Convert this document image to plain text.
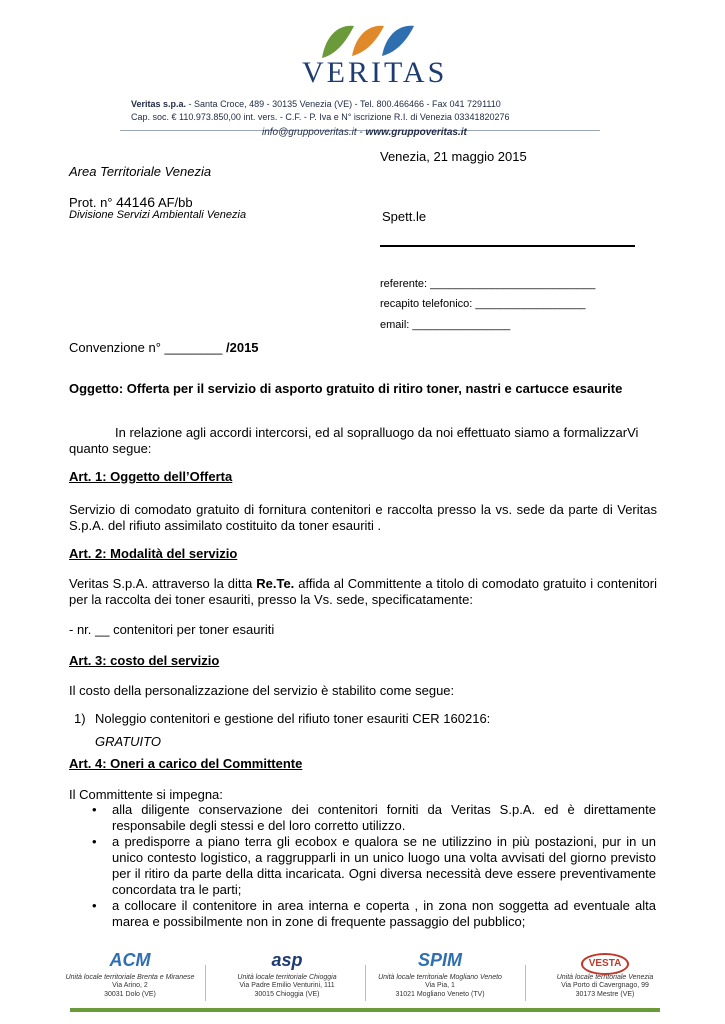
VERITAS
Veritas s.p.a. - Santa Croce, 489 - 30135 Venezia (VE) - Tel. 800.466466 - Fax 041 7291110
Cap. soc. € 110.973.850,00 int. vers. - C.F. - P. Iva e N° iscrizione R.I. di Venezia 03341820276
info@gruppoveritas.it - www.gruppoveritas.it
Venezia, 21 maggio 2015
Area Territoriale Venezia
Prot. n° 44146 AF/bb
Divisione Servizi Ambientali Venezia	Spett.le
referente: ___________________________
recapito telefonico: __________________
email: ________________
Convenzione n° ________ /2015
Oggetto: Offerta per il servizio di asporto gratuito di ritiro toner, nastri e cartucce esaurite
In relazione agli accordi intercorsi, ed al sopralluogo da noi effettuato siamo a formalizzarVi quanto segue:
Art. 1: Oggetto dell’Offerta
Servizio di comodato gratuito di fornitura contenitori e raccolta presso la vs. sede da parte di Veritas S.p.A. del rifiuto assimilato costituito da toner esauriti .
Art. 2: Modalità del servizio
Veritas S.p.A. attraverso la ditta Re.Te. affida al Committente a titolo di comodato gratuito i contenitori per la raccolta dei toner esauriti, presso la Vs. sede, specificatamente:
- nr. __ contenitori per toner esauriti
Art. 3: costo del servizio
Il costo della personalizzazione del servizio è stabilito come segue:
1) Noleggio contenitori e gestione del rifiuto toner esauriti CER 160216:
GRATUITO
Art. 4: Oneri a carico del Committente
Il Committente si impegna:
• alla diligente conservazione dei contenitori forniti da Veritas S.p.A. ed è direttamente responsabile degli stessi e del loro corretto utilizzo.
• a predisporre a piano terra gli ecobox e qualora se ne utilizzino in più postazioni, pur in un unico contesto logistico, a raggrupparli in un unico luogo una volta avvisati del giorno previsto per il ritiro da parte della ditta incaricata. Ogni diversa necessità deve essere preventivamente concordata tra le parti;
• a collocare il contenitore in area interna e coperta , in zona non soggetta ad eventuale alta marea e possibilmente non in zone di frequente passaggio del pubblico;
ACM
Unità locale territoriale Brenta e Miranese
Via Arino, 2
30031 Dolo (VE)
asp
Unità locale territoriale Chioggia
Via Padre Emilio Venturini, 111
30015 Chioggia (VE)
SPIM
Unità locale territoriale Mogliano Veneto
Via Pia, 1
31021 Mogliano Veneto (TV)
VESTA
Unità locale territoriale Venezia
Via Porto di Cavergnago, 99
30173 Mestre (VE)
